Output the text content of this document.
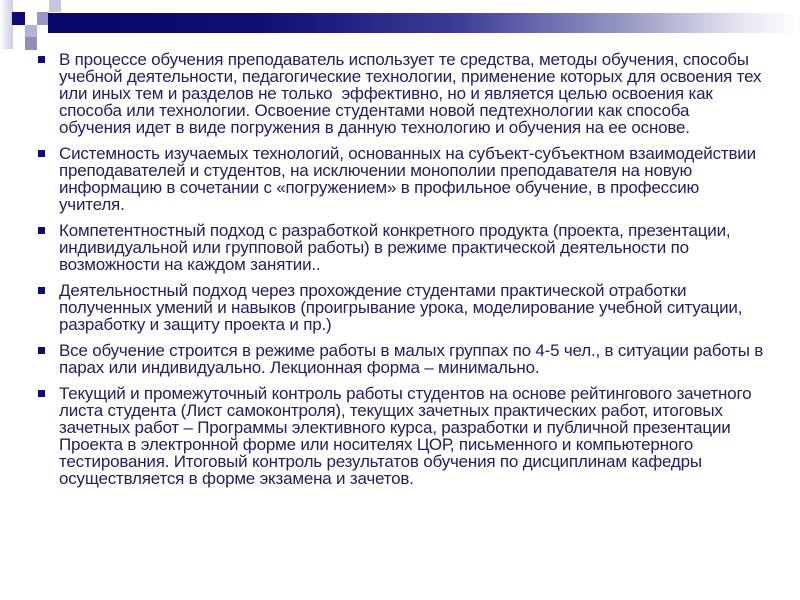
В процессе обучения преподаватель использует те средства, методы обучения, способы учебной деятельности, педагогические технологии, применение которых для освоения тех или иных тем и разделов не только  эффективно, но и является целью освоения как способа или технологии. Освоение студентами новой педтехнологии как способа обучения идет в виде погружения в данную технологию и обучения на ее основе.
Системность изучаемых технологий, основанных на субъект-субъектном взаимодействии преподавателей и студентов, на исключении монополии преподавателя на новую информацию в сочетании с «погружением» в профильное обучение, в профессию учителя.
Компетентностный подход с разработкой конкретного продукта (проекта, презентации, индивидуальной или групповой работы) в режиме практической деятельности по возможности на каждом занятии..
Деятельностный подход через прохождение студентами практической отработки полученных умений и навыков (проигрывание урока, моделирование учебной ситуации, разработку и защиту проекта и пр.)
Все обучение строится в режиме работы в малых группах по 4-5 чел., в ситуации работы в парах или индивидуально. Лекционная форма – минимально.
Текущий и промежуточный контроль работы студентов на основе рейтингового зачетного листа студента (Лист самоконтроля), текущих зачетных практических работ, итоговых зачетных работ – Программы элективного курса, разработки и публичной презентации Проекта в электронной форме или носителях ЦОР, письменного и компьютерного тестирования. Итоговый контроль результатов обучения по дисциплинам кафедры осуществляется в форме экзамена и зачетов.
